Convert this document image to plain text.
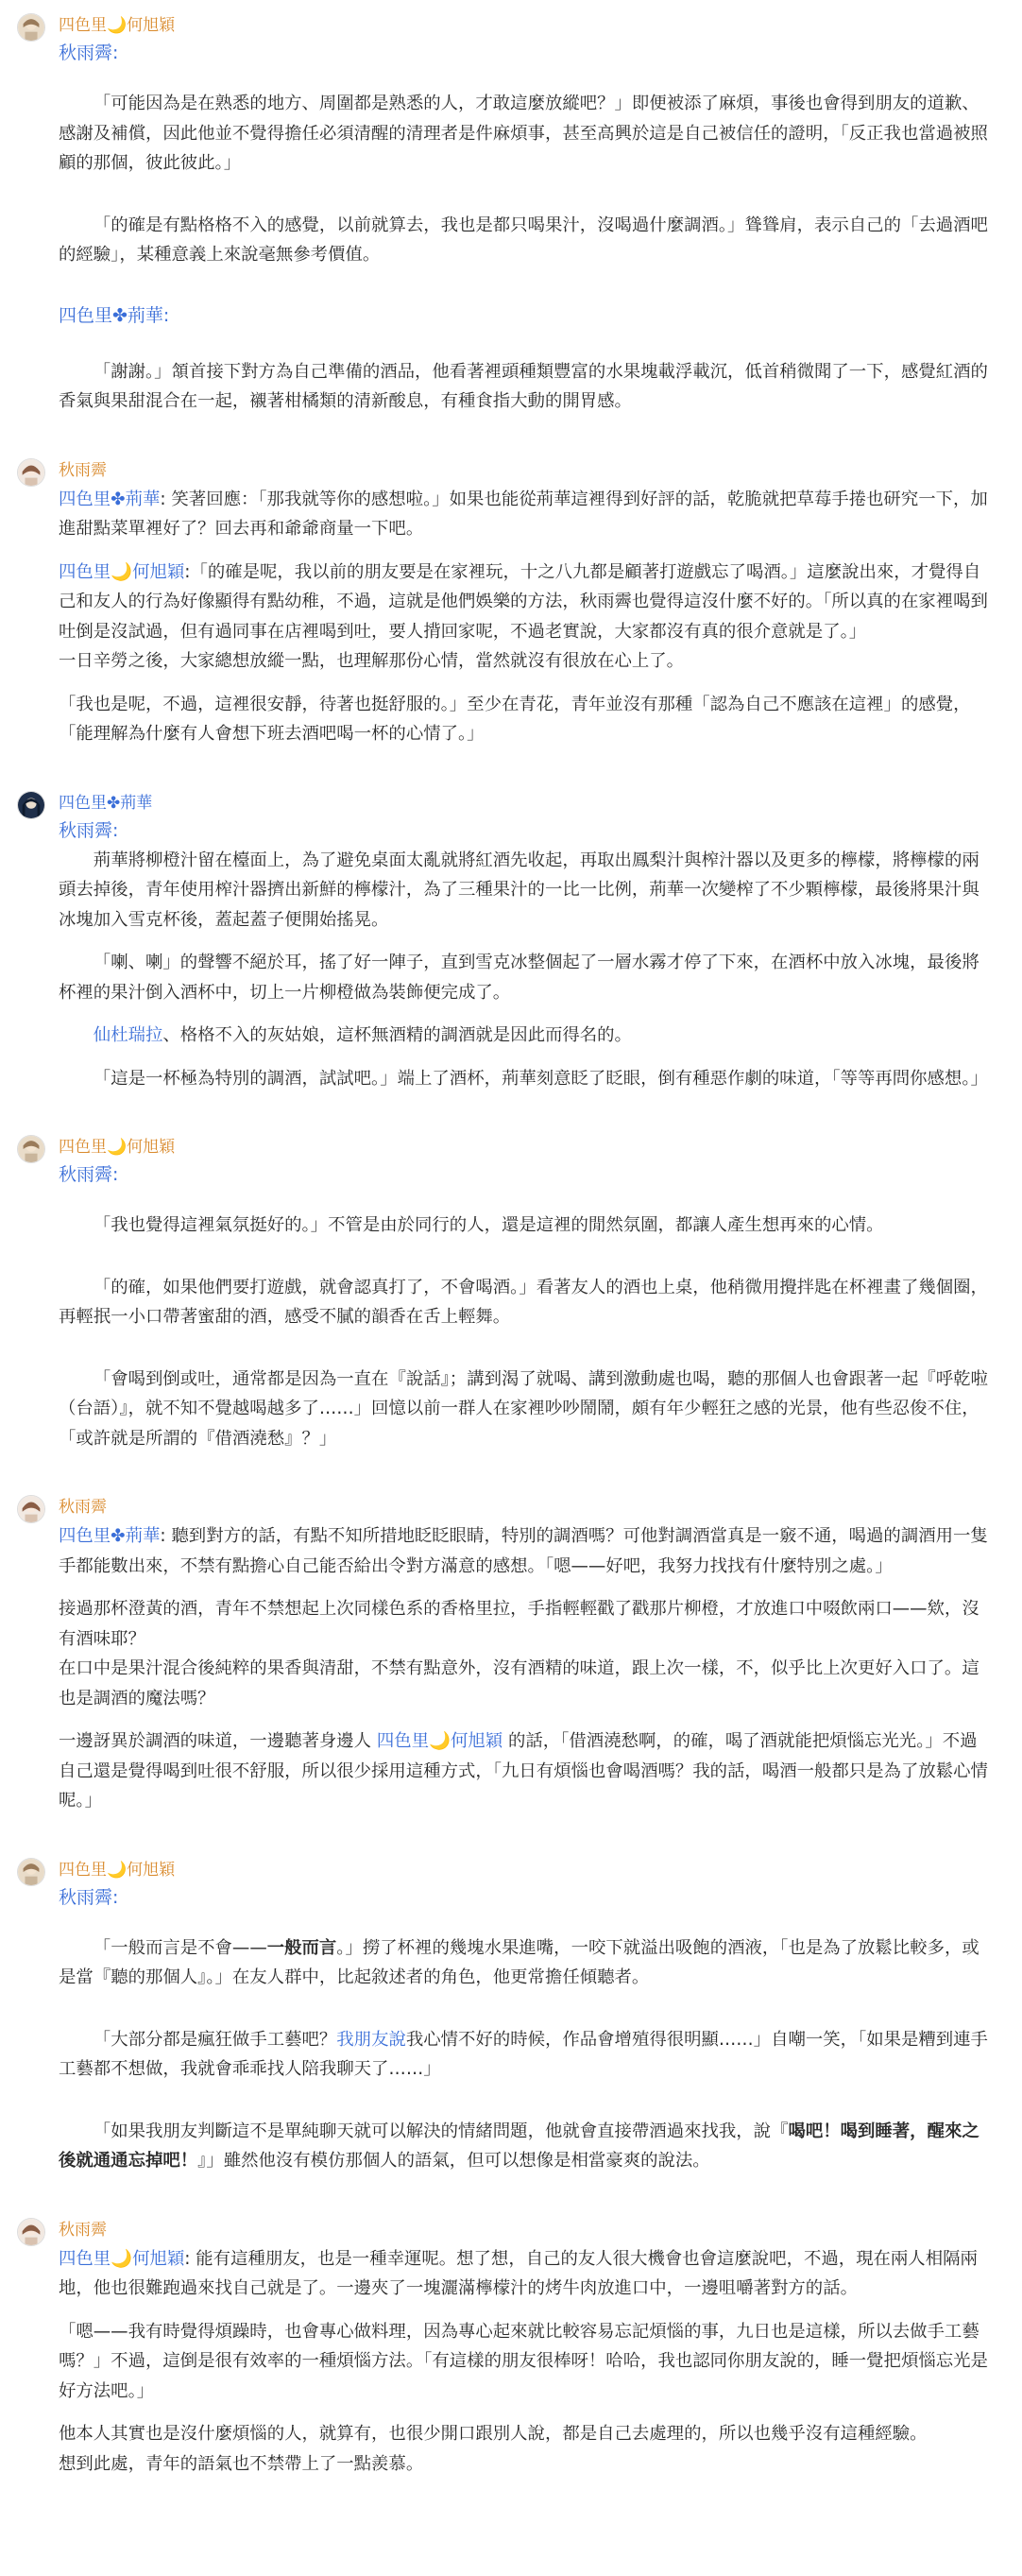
四色里🌙何旭穎
秋雨霽:

「可能因為是在熟悉的地方、周圍都是熟悉的人，才敢這麼放縱吧？」即便被添了麻煩，事後也會得到朋友的道歉、感謝及補償，因此他並不覺得擔任必須清醒的清理者是件麻煩事，甚至高興於這是自己被信任的證明，「反正我也當過被照顧的那個，彼此彼此。」

「的確是有點格格不入的感覺，以前就算去，我也是都只喝果汁，沒喝過什麼調酒。」聳聳肩，表示自己的「去過酒吧的經驗」，某種意義上來說毫無參考價值。

四色里✤荊華:

「謝謝。」頷首接下對方為自己準備的酒品，他看著裡頭種類豐富的水果塊載浮載沉，低首稍微聞了一下，感覺紅酒的香氣與果甜混合在一起，襯著柑橘類的清新酸息，有種食指大動的開胃感。

秋雨霽

四色里✤荊華: 笑著回應：「那我就等你的感想啦。」如果也能從荊華這裡得到好評的話，乾脆就把草莓手捲也研究一下，加進甜點菜單裡好了？回去再和爺爺商量一下吧。

四色里🌙何旭穎:「的確是呢，我以前的朋友要是在家裡玩，十之八九都是顧著打遊戲忘了喝酒。」這麼說出來，才覺得自己和友人的行為好像顯得有點幼稚，不過，這就是他們娛樂的方法，秋雨霽也覺得這沒什麼不好的。「所以真的在家裡喝到吐倒是沒試過，但有過同事在店裡喝到吐，要人揹回家呢，不過老實說，大家都沒有真的很介意就是了。」

一日辛勞之後，大家總想放縱一點，也理解那份心情，當然就沒有很放在心上了。

「我也是呢，不過，這裡很安靜，待著也挺舒服的。」至少在青花，青年並沒有那種「認為自己不應該在這裡」的感覺，「能理解為什麼有人會想下班去酒吧喝一杯的心情了。」

四色里✤荊華
秋雨霽:

荊華將柳橙汁留在檯面上，為了避免桌面太亂就將紅酒先收起，再取出鳳梨汁與榨汁器以及更多的檸檬，將檸檬的兩頭去掉後，青年使用榨汁器擠出新鮮的檸檬汁，為了三種果汁的一比一比例，荊華一次變榨了不少顆檸檬，最後將果汁與冰塊加入雪克杯後，蓋起蓋子便開始搖晃。

「喇、喇」的聲響不絕於耳，搖了好一陣子，直到雪克冰整個起了一層水霧才停了下來，在酒杯中放入冰塊，最後將杯裡的果汁倒入酒杯中，切上一片柳橙做為裝飾便完成了。

仙杜瑞拉、格格不入的灰姑娘，這杯無酒精的調酒就是因此而得名的。

「這是一杯極為特別的調酒，試試吧。」端上了酒杯，荊華刻意眨了眨眼，倒有種惡作劇的味道，「等等再問你感想。」

四色里🌙何旭穎
秋雨霽:

「我也覺得這裡氣氛挺好的。」不管是由於同行的人，還是這裡的閒然氛圍，都讓人產生想再來的心情。

「的確，如果他們要打遊戲，就會認真打了，不會喝酒。」看著友人的酒也上桌，他稍微用攪拌匙在杯裡畫了幾個圈，再輕抿一小口帶著蜜甜的酒，感受不膩的韻香在舌上輕舞。

「會喝到倒或吐，通常都是因為一直在『說話』；講到渴了就喝、講到激動處也喝，聽的那個人也會跟著一起『呼乾啦（台語）』，就不知不覺越喝越多了……」回憶以前一群人在家裡吵吵鬧鬧，頗有年少輕狂之感的光景，他有些忍俊不住，「或許就是所謂的『借酒澆愁』？」

秋雨霽

四色里✤荊華: 聽到對方的話，有點不知所措地眨眨眼睛，特別的調酒嗎？可他對調酒當真是一竅不通，喝過的調酒用一隻手都能數出來，不禁有點擔心自己能否給出令對方滿意的感想。「嗯——好吧，我努力找找有什麼特別之處。」

接過那杯澄黃的酒，青年不禁想起上次同樣色系的香格里拉，手指輕輕戳了戳那片柳橙，才放進口中啜飲兩口——欸，沒有酒味耶？

在口中是果汁混合後純粹的果香與清甜，不禁有點意外，沒有酒精的味道，跟上次一樣，不，似乎比上次更好入口了。這也是調酒的魔法嗎？

一邊訝異於調酒的味道，一邊聽著身邊人 四色里🌙何旭穎 的話，「借酒澆愁啊，的確，喝了酒就能把煩惱忘光光。」不過自己還是覺得喝到吐很不舒服，所以很少採用這種方式，「九日有煩惱也會喝酒嗎？我的話，喝酒一般都只是為了放鬆心情呢。」

四色里🌙何旭穎
秋雨霽:

「一般而言是不會——一般而言。」撈了杯裡的幾塊水果進嘴，一咬下就溢出吸飽的酒液，「也是為了放鬆比較多，或是當『聽的那個人』。」在友人群中，比起敘述者的角色，他更常擔任傾聽者。

「大部分都是瘋狂做手工藝吧？我朋友說我心情不好的時候，作品會增殖得很明顯……」自嘲一笑，「如果是糟到連手工藝都不想做，我就會乖乖找人陪我聊天了……」

「如果我朋友判斷這不是單純聊天就可以解決的情緒問題，他就會直接帶酒過來找我，說『喝吧！喝到睡著，醒來之後就通通忘掉吧！』」雖然他沒有模仿那個人的語氣，但可以想像是相當豪爽的說法。

秋雨霽

四色里🌙何旭穎: 能有這種朋友，也是一種幸運呢。想了想，自己的友人很大機會也會這麼說吧，不過，現在兩人相隔兩地，他也很難跑過來找自己就是了。一邊夾了一塊灑滿檸檬汁的烤牛肉放進口中，一邊咀嚼著對方的話。

「嗯——我有時覺得煩躁時，也會專心做料理，因為專心起來就比較容易忘記煩惱的事，九日也是這樣，所以去做手工藝嗎？」不過，這倒是很有效率的一種煩惱方法。「有這樣的朋友很棒呀！哈哈，我也認同你朋友說的，睡一覺把煩惱忘光是好方法吧。」

他本人其實也是沒什麼煩惱的人，就算有，也很少開口跟別人說，都是自己去處理的，所以也幾乎沒有這種經驗。

想到此處，青年的語氣也不禁帶上了一點羨慕。
